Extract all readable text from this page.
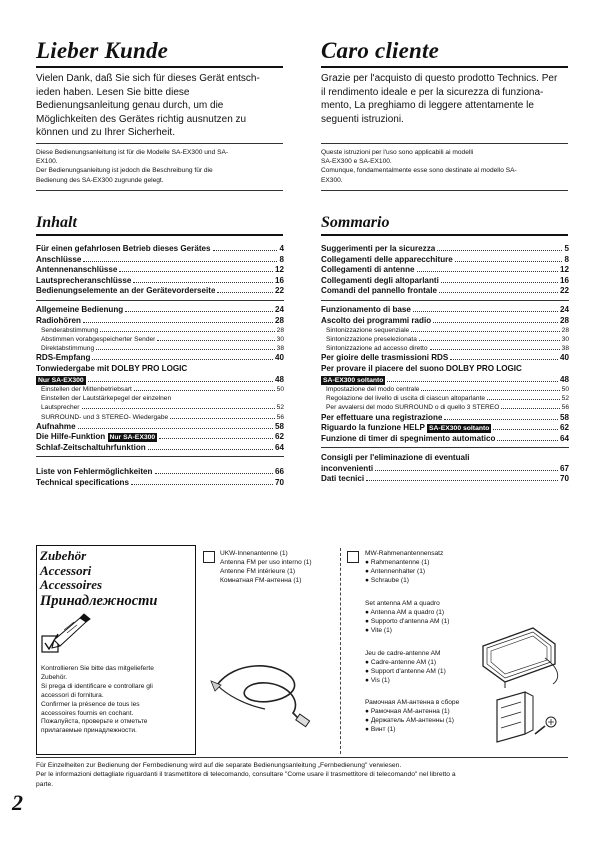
Lieber Kunde	Caro cliente
Vielen Dank, daß Sie sich für dieses Gerät entsch-
ieden haben. Lesen Sie bitte diese
Bedienungsanleitung genau durch, um die
Möglichkeiten des Gerätes richtig ausnutzen zu
können und zu Ihrer Sicherheit.
Grazie per l'acquisto di questo prodotto Technics. Per
il rendimento ideale e per la sicurezza di funziona-
mento, La preghiamo di leggere attentamente le
seguenti istruzioni.
Diese Bedienungsanleitung ist für die Modelle SA-EX300 und SA-
EX100.
Der Bedienungsanleitung ist jedoch die Beschreibung für die
Bedienung des SA-EX300 zugrunde gelegt.
Queste istruzioni per l'uso sono applicabili ai modelli
SA-EX300 e SA-EX100.
Comunque, fondamentalmente esse sono destinate al modello SA-
EX300.
Inhalt	Sommario
Für einen gefahrlosen Betrieb dieses Gerätes	4
Anschlüsse	8
Antennenanschlüsse	12
Lautsprecheranschlüsse	16
Bedienungselemente an der Gerätevorderseite	22
Allgemeine Bedienung	24
Radiohören	28
Senderabstimmung	28
Abstimmen vorabgespeicherter Sender	30
Direktabstimmung	38
RDS-Empfang	40
Tonwiedergabe mit DOLBY PRO LOGIC
Nur SA-EX300	48
Einstellen der Mittenbetriebsart	50
Einstellen der Lautstärkepegel der einzelnen
Lautsprecher	52
SURROUND- und 3 STEREO- Wiedergabe	56
Aufnahme	58
Die Hilfe-Funktion Nur SA-EX300	62
Schlaf-Zeitschaltuhrfunktion	64
Liste von Fehlermöglichkeiten	66
Technical specifications	70
Suggerimenti per la sicurezza	5
Collegamenti delle apparecchiture	8
Collegamenti di antenne	12
Collegamenti degli altoparlanti	16
Comandi del pannello frontale	22
Funzionamento di base	24
Ascolto dei programmi radio	28
Sintonizzazione sequenziale	28
Sintonizzazione preselezionata	30
Sintonizzazione ad accesso diretto	38
Per gioire delle trasmissioni RDS	40
Per provare il piacere del suono DOLBY PRO LOGIC
SA-EX300 soltanto	48
Impostazione del modo centrale	50
Regolazione del livello di uscita di ciascun altoparlante	52
Per avvalersi del modo SURROUND o di quello 3 STEREO	56
Per effettuare una registrazione	58
Riguardo la funzione HELP SA-EX300 soltanto	62
Funzione di timer di spegnimento automatico	64
Consigli per l'eliminazione di eventuali
inconvenienti	67
Dati tecnici	70
Zubehör
Accessori
Accessoires
Принадлежности
Kontrollieren Sie bitte das mitgelieferte
Zubehör.
Si prega di identificare e controllare gli
accessori di fornitura.
Confirmer la présence de tous les
accessoires fournis en cochant.
Пожалуйста, проверьте и отметьте
прилагаемые принадлежности.
UKW-Innenantenne (1)
Antenna FM per uso interno (1)
Antenne FM intérieure (1)
Комнатная FM-антенна (1)
MW-Rahmenantennensatz
● Rahmenantenne (1)
● Antennenhalter (1)
● Schraube (1)
Set antenna AM a quadro
● Antenna AM a quadro (1)
● Supporto d'antenna AM (1)
● Vite (1)
Jeu de cadre-antenne AM
● Cadre-antenne AM (1)
● Support d'antenne AM (1)
● Vis (1)
Рамочная АМ-антенна в сборе
● Рамочная АМ-антенна (1)
● Держатель АМ-антенны (1)
● Винт (1)
Für Einzelheiten zur Bedienung der Fernbedienung wird auf die separate Bedienungsanleitung „Fernbedienung" verwiesen.
Per le informazioni dettagliate riguardanti il trasmettitore di telecomando, consultare "Come usare il trasmettitore di telecomando" nel libretto a
parte.
2
